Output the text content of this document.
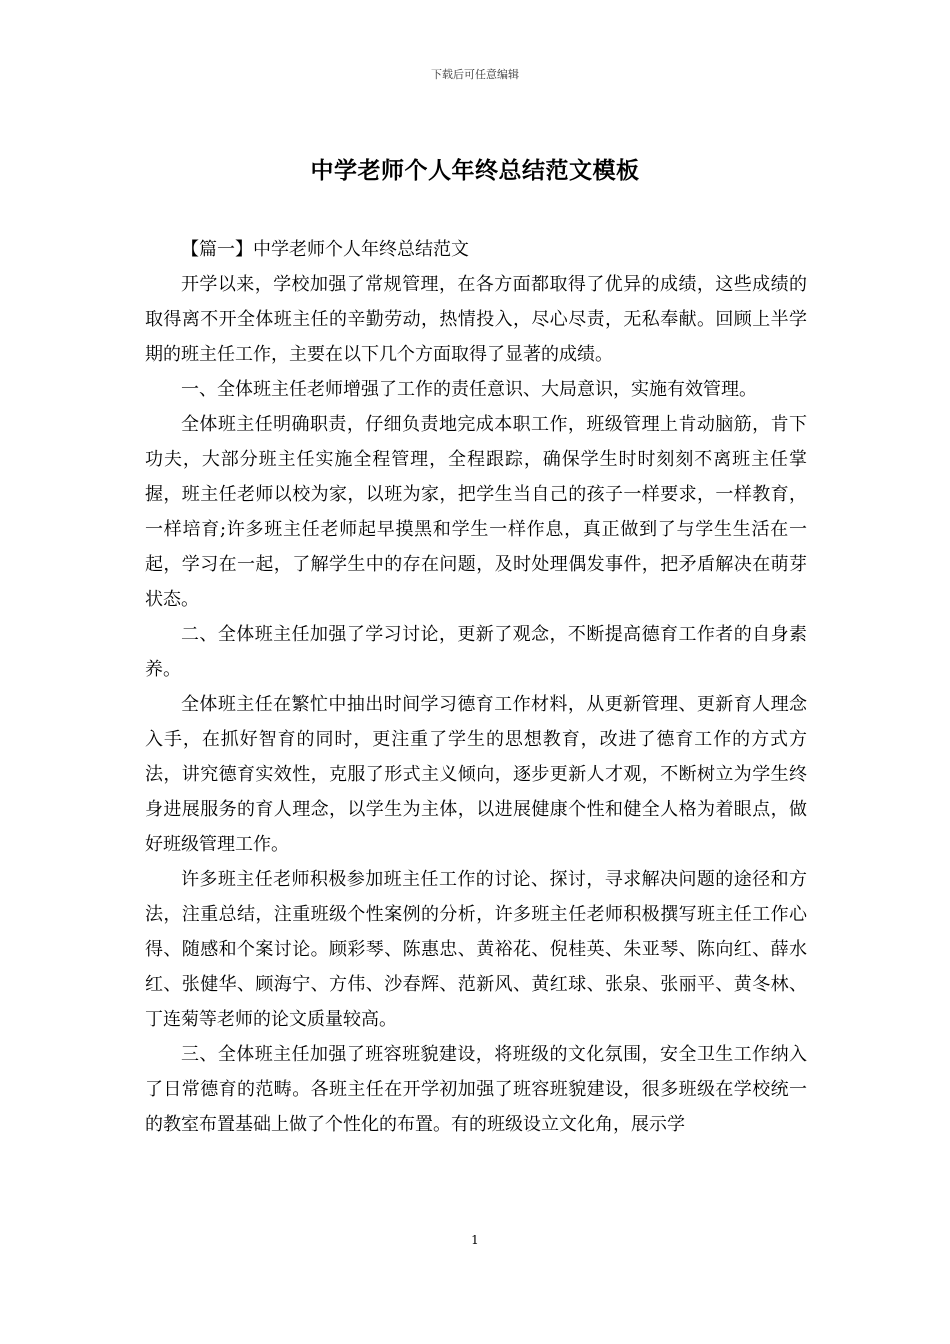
下载后可任意编辑
中学老师个人年终总结范文模板

【篇一】中学老师个人年终总结范文

开学以来，学校加强了常规管理，在各方面都取得了优异的成绩，这些成绩的取得离不开全体班主任的辛勤劳动，热情投入，尽心尽责，无私奉献。回顾上半学期的班主任工作，主要在以下几个方面取得了显著的成绩。

一、全体班主任老师增强了工作的责任意识、大局意识，实施有效管理。

全体班主任明确职责，仔细负责地完成本职工作，班级管理上肯动脑筋，肯下功夫，大部分班主任实施全程管理，全程跟踪，确保学生时时刻刻不离班主任掌握，班主任老师以校为家，以班为家，把学生当自己的孩子一样要求，一样教育，一样培育;许多班主任老师起早摸黑和学生一样作息，真正做到了与学生生活在一起，学习在一起，了解学生中的存在问题，及时处理偶发事件，把矛盾解决在萌芽状态。

二、全体班主任加强了学习讨论，更新了观念，不断提高德育工作者的自身素养。

全体班主任在繁忙中抽出时间学习德育工作材料，从更新管理、更新育人理念入手，在抓好智育的同时，更注重了学生的思想教育，改进了德育工作的方式方法，讲究德育实效性，克服了形式主义倾向，逐步更新人才观，不断树立为学生终身进展服务的育人理念，以学生为主体，以进展健康个性和健全人格为着眼点，做好班级管理工作。

许多班主任老师积极参加班主任工作的讨论、探讨，寻求解决问题的途径和方法，注重总结，注重班级个性案例的分析，许多班主任老师积极撰写班主任工作心得、随感和个案讨论。顾彩琴、陈惠忠、黄裕花、倪桂英、朱亚琴、陈向红、薛水红、张健华、顾海宁、方伟、沙春辉、范新风、黄红球、张泉、张丽平、黄冬林、丁连菊等老师的论文质量较高。

三、全体班主任加强了班容班貌建设，将班级的文化氛围，安全卫生工作纳入了日常德育的范畴。各班主任在开学初加强了班容班貌建设，很多班级在学校统一的教室布置基础上做了个性化的布置。有的班级设立文化角，展示学

1
